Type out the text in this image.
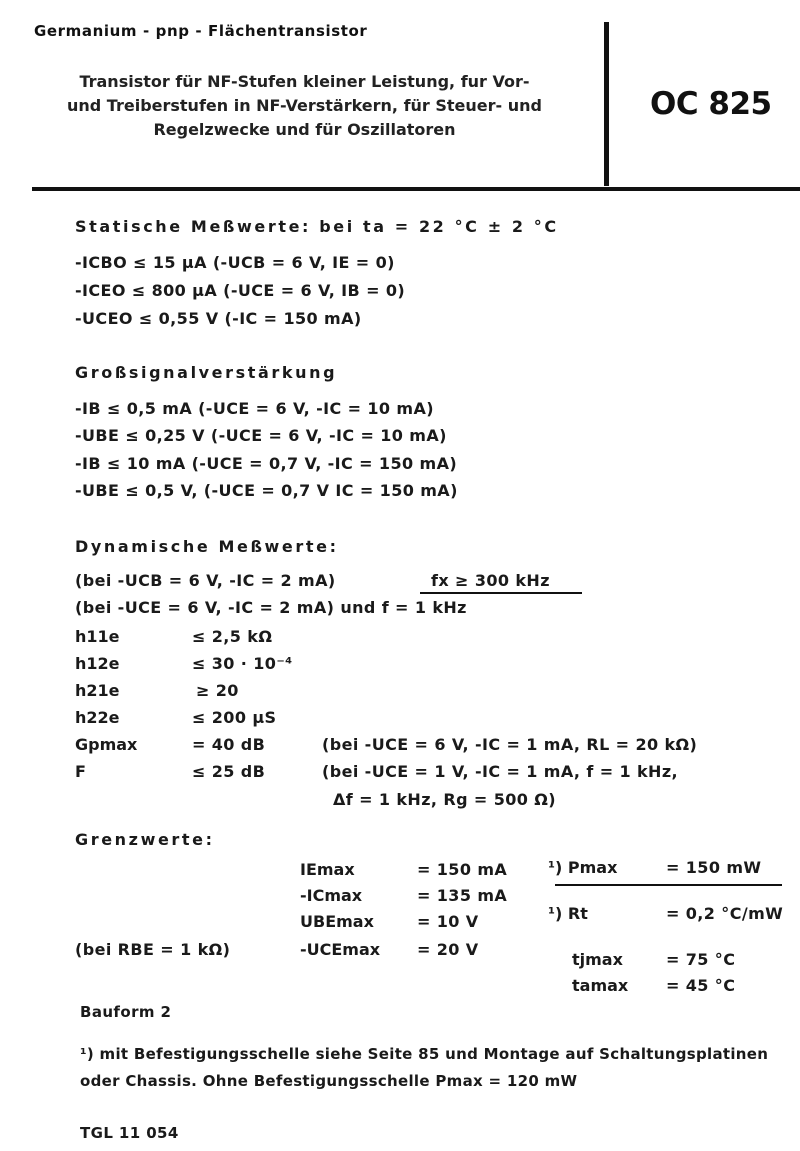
Germanium - pnp - Flächentransistor
Transistor für NF-Stufen kleiner Leistung, fur Vor-
und Treiberstufen in NF-Verstärkern, für Steuer- und
Regelzwecke und für Oszillatoren
OC 825
Statische Meßwerte: bei ta = 22 °C ± 2 °C
-ICBO ≤ 15 µA (-UCB = 6 V, IE = 0)
-ICEO ≤ 800 µA (-UCE = 6 V, IB = 0)
-UCEO ≤ 0,55 V (-IC = 150 mA)
Großsignalverstärkung
-IB ≤ 0,5 mA (-UCE = 6 V, -IC = 10 mA)
-UBE ≤ 0,25 V (-UCE = 6 V, -IC = 10 mA)
-IB ≤ 10 mA (-UCE = 0,7 V, -IC = 150 mA)
-UBE ≤ 0,5 V, (-UCE = 0,7 V IC = 150 mA)
Dynamische Meßwerte:
(bei -UCB = 6 V, -IC = 2 mA)	fx ≥ 300 kHz
(bei -UCE = 6 V, -IC = 2 mA) und f = 1 kHz
h11e	≤ 2,5 kΩ
h12e	≤ 30 · 10⁻⁴
h21e	≥ 20
h22e	≤ 200 µS
Gpmax	= 40 dB	(bei -UCE = 6 V, -IC = 1 mA, RL = 20 kΩ)
F	≤ 25 dB	(bei -UCE = 1 V, -IC = 1 mA, f = 1 kHz,
Δf = 1 kHz, Rg = 500 Ω)
Grenzwerte:
IEmax	= 150 mA
-ICmax	= 135 mA
UBEmax	= 10 V
-UCEmax = 20 V
(bei RBE = 1 kΩ)
¹) Pmax	= 150 mW
¹) Rt	= 0,2 °C/mW
tjmax	= 75 °C
tamax = 45 °C
Bauform 2
¹) mit Befestigungsschelle siehe Seite 85 und Montage auf Schaltungsplatinen oder Chassis. Ohne Befestigungsschelle Pmax = 120 mW
TGL 11 054
